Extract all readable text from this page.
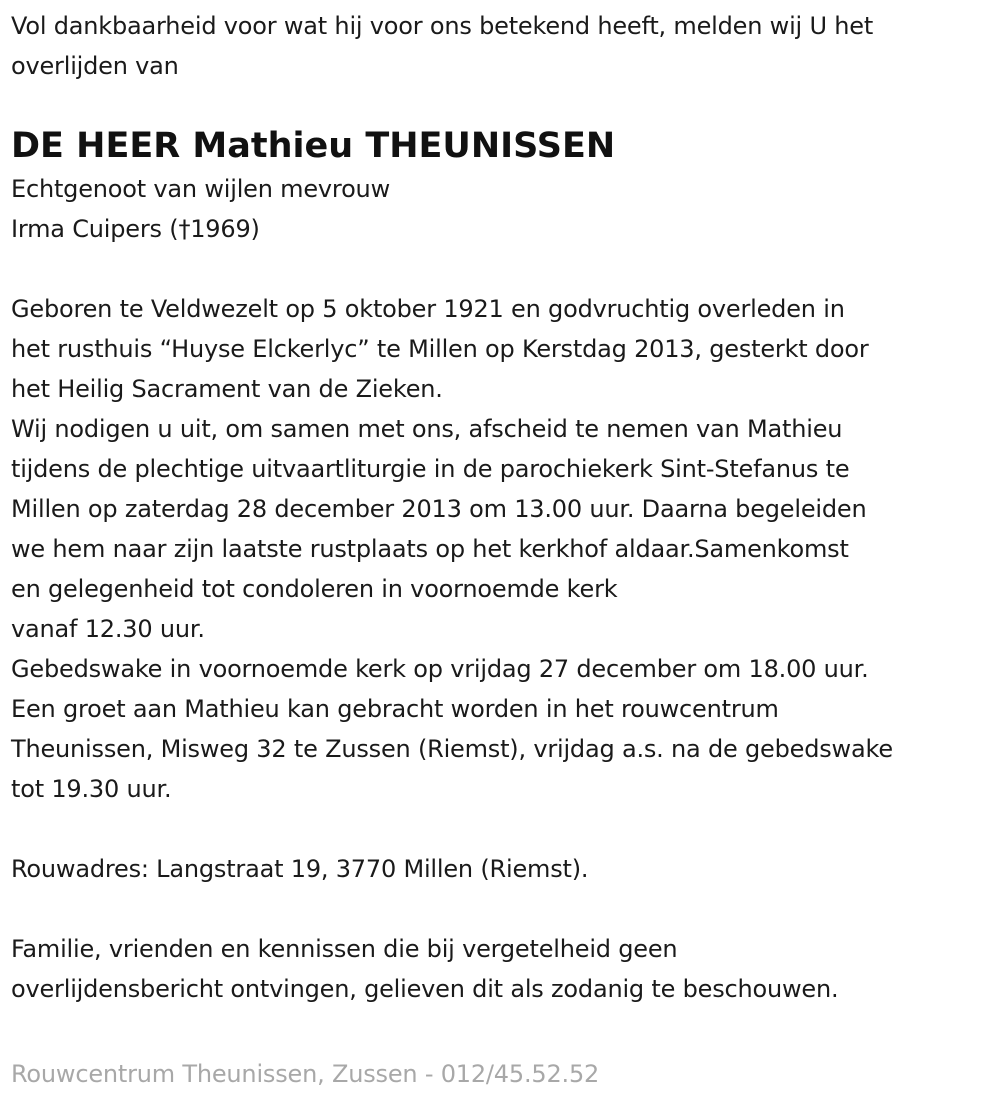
Vol dankbaarheid voor wat hij voor ons betekend heeft, melden wij U het
overlijden van
DE HEER Mathieu THEUNISSEN
Echtgenoot van wijlen mevrouw
Irma Cuipers (†1969)
Geboren te Veldwezelt op 5 oktober 1921 en godvruchtig overleden in
het rusthuis “Huyse Elckerlyc” te Millen op Kerstdag 2013, gesterkt door
het Heilig Sacrament van de Zieken.
Wij nodigen u uit, om samen met ons, afscheid te nemen van Mathieu
tijdens de plechtige uitvaartliturgie in de parochiekerk Sint-Stefanus te
Millen op zaterdag 28 december 2013 om 13.00 uur. Daarna begeleiden
we hem naar zijn laatste rustplaats op het kerkhof aldaar.Samenkomst
en gelegenheid tot condoleren in voornoemde kerk
vanaf 12.30 uur.
Gebedswake in voornoemde kerk op vrijdag 27 december om 18.00 uur.
Een groet aan Mathieu kan gebracht worden in het rouwcentrum
Theunissen, Misweg 32 te Zussen (Riemst), vrijdag a.s. na de gebedswake
tot 19.30 uur.
Rouwadres: Langstraat 19, 3770 Millen (Riemst).
Familie, vrienden en kennissen die bij vergetelheid geen
overlijdensbericht ontvingen, gelieven dit als zodanig te beschouwen.
Rouwcentrum Theunissen, Zussen - 012/45.52.52
